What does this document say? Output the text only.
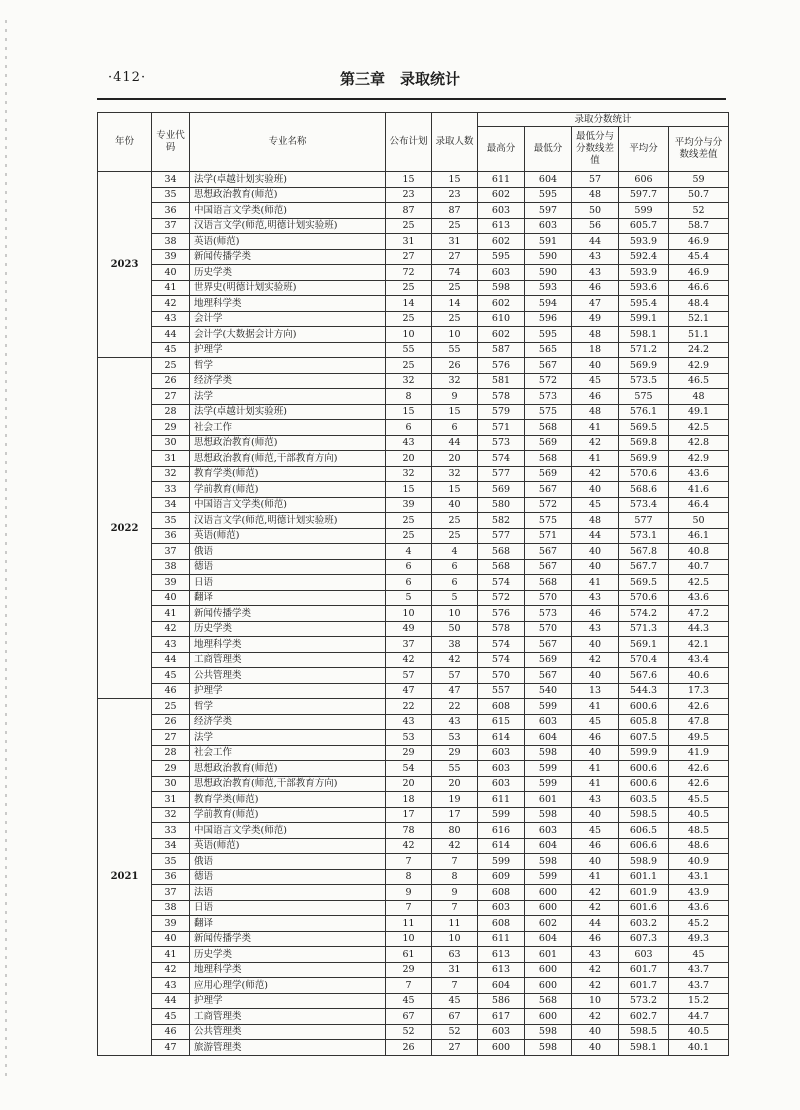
·412·	第三章　录取统计
年份	专业代码	专业名称	公布计划	录取人数	录取分数统计				
					最高分	最低分	最低分与分数线差值	平均分	平均分与分数线差值
2023	34	法学(卓越计划实验班)	15	15	611	604	57	606	59
	35	思想政治教育(师范)	23	23	602	595	48	597.7	50.7
	36	中国语言文学类(师范)	87	87	603	597	50	599	52
	37	汉语言文学(师范,明德计划实验班)	25	25	613	603	56	605.7	58.7
	38	英语(师范)	31	31	602	591	44	593.9	46.9
	39	新闻传播学类	27	27	595	590	43	592.4	45.4
	40	历史学类	72	74	603	590	43	593.9	46.9
	41	世界史(明德计划实验班)	25	25	598	593	46	593.6	46.6
	42	地理科学类	14	14	602	594	47	595.4	48.4
	43	会计学	25	25	610	596	49	599.1	52.1
	44	会计学(大数据会计方向)	10	10	602	595	48	598.1	51.1
	45	护理学	55	55	587	565	18	571.2	24.2
2022	25	哲学	25	26	576	567	40	569.9	42.9
	26	经济学类	32	32	581	572	45	573.5	46.5
	27	法学	8	9	578	573	46	575	48
	28	法学(卓越计划实验班)	15	15	579	575	48	576.1	49.1
	29	社会工作	6	6	571	568	41	569.5	42.5
	30	思想政治教育(师范)	43	44	573	569	42	569.8	42.8
	31	思想政治教育(师范,干部教育方向)	20	20	574	568	41	569.9	42.9
	32	教育学类(师范)	32	32	577	569	42	570.6	43.6
	33	学前教育(师范)	15	15	569	567	40	568.6	41.6
	34	中国语言文学类(师范)	39	40	580	572	45	573.4	46.4
	35	汉语言文学(师范,明德计划实验班)	25	25	582	575	48	577	50
	36	英语(师范)	25	25	577	571	44	573.1	46.1
	37	俄语	4	4	568	567	40	567.8	40.8
	38	德语	6	6	568	567	40	567.7	40.7
	39	日语	6	6	574	568	41	569.5	42.5
	40	翻译	5	5	572	570	43	570.6	43.6
	41	新闻传播学类	10	10	576	573	46	574.2	47.2
	42	历史学类	49	50	578	570	43	571.3	44.3
	43	地理科学类	37	38	574	567	40	569.1	42.1
	44	工商管理类	42	42	574	569	42	570.4	43.4
	45	公共管理类	57	57	570	567	40	567.6	40.6
	46	护理学	47	47	557	540	13	544.3	17.3
2021	25	哲学	22	22	608	599	41	600.6	42.6
	26	经济学类	43	43	615	603	45	605.8	47.8
	27	法学	53	53	614	604	46	607.5	49.5
	28	社会工作	29	29	603	598	40	599.9	41.9
	29	思想政治教育(师范)	54	55	603	599	41	600.6	42.6
	30	思想政治教育(师范,干部教育方向)	20	20	603	599	41	600.6	42.6
	31	教育学类(师范)	18	19	611	601	43	603.5	45.5
	32	学前教育(师范)	17	17	599	598	40	598.5	40.5
	33	中国语言文学类(师范)	78	80	616	603	45	606.5	48.5
	34	英语(师范)	42	42	614	604	46	606.6	48.6
	35	俄语	7	7	599	598	40	598.9	40.9
	36	德语	8	8	609	599	41	601.1	43.1
	37	法语	9	9	608	600	42	601.9	43.9
	38	日语	7	7	603	600	42	601.6	43.6
	39	翻译	11	11	608	602	44	603.2	45.2
	40	新闻传播学类	10	10	611	604	46	607.3	49.3
	41	历史学类	61	63	613	601	43	603	45
	42	地理科学类	29	31	613	600	42	601.7	43.7
	43	应用心理学(师范)	7	7	604	600	42	601.7	43.7
	44	护理学	45	45	586	568	10	573.2	15.2
	45	工商管理类	67	67	617	600	42	602.7	44.7
	46	公共管理类	52	52	603	598	40	598.5	40.5
	47	旅游管理类	26	27	600	598	40	598.1	40.1
